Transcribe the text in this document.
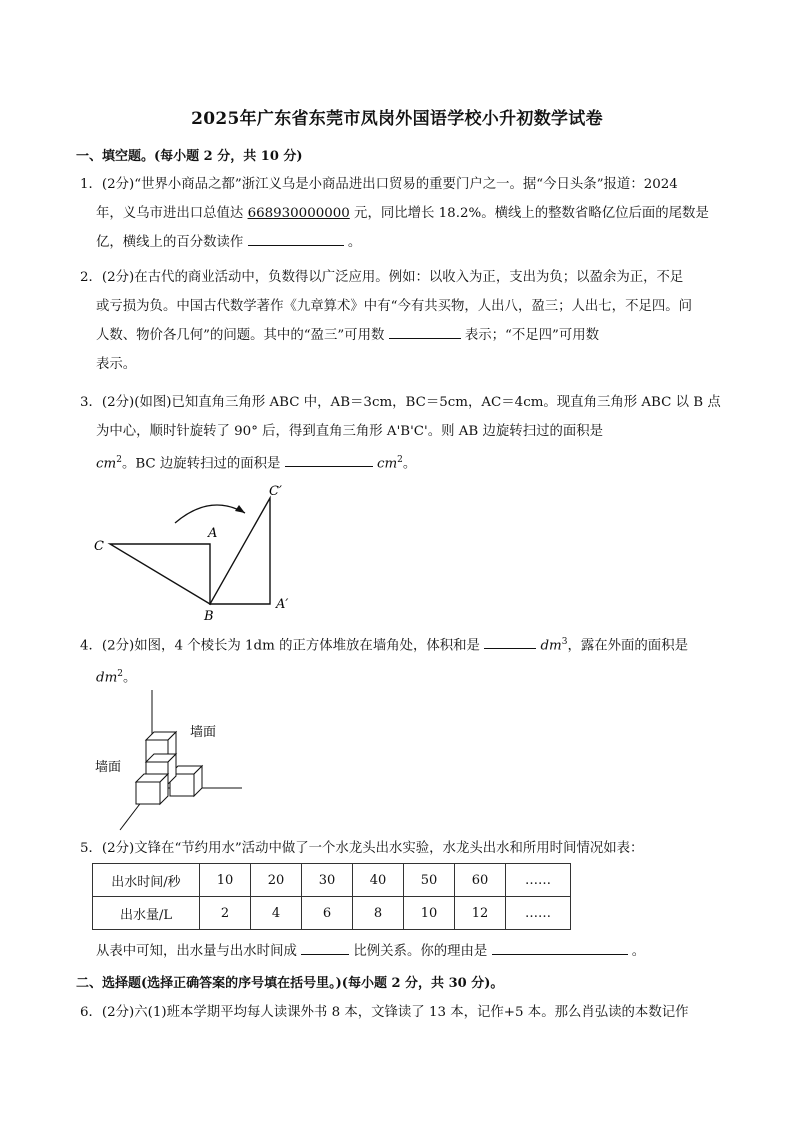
2025年广东省东莞市凤岗外国语学校小升初数学试卷
一、填空题。(每小题 2 分，共 10 分)
1．(2分)“世界小商品之都”浙江义乌是小商品进出口贸易的重要门户之一。据“今日头条”报道：2024
年，义乌市进出口总值达 668930000000 元，同比增长 18.2%。横线上的整数省略亿位后面的尾数是
亿，横线上的百分数读作	。
2．(2分)在古代的商业活动中，负数得以广泛应用。例如：以收入为正，支出为负；以盈余为正，不足
或亏损为负。中国古代数学著作《九章算术》中有“今有共买物，人出八，盈三；人出七，不足四。问
人数、物价各几何”的问题。其中的“盈三”可用数	表示；“不足四”可用数
表示。
3．(2分)(如图)已知直角三角形 ABC 中，AB＝3cm，BC＝5cm，AC＝4cm。现直角三角形 ABC 以 B 点
为中心，顺时针旋转了 90° 后，得到直角三角形 A'B'C'。则 AB 边旋转扫过的面积是
$cm^2$。BC 边旋转扫过的面积是	$cm^2$。
C
A
B
C′
A′
4．(2分)如图，4 个棱长为 1dm 的正方体堆放在墙角处，体积和是	$dm^3$，露在外面的面积是
$dm^2$。
墙面
墙面
5．(2分)文锋在“节约用水”活动中做了一个水龙头出水实验，水龙头出水和所用时间情况如表：
出水时间/秒	10	20	30	40	50	60	……
出水量/L	2	4	6	8	10	12	……
从表中可知，出水量与出水时间成	比例关系。你的理由是	。
二、选择题(选择正确答案的序号填在括号里。)(每小题 2 分，共 30 分)。
6．(2分)六(1)班本学期平均每人读课外书 8 本，文锋读了 13 本，记作+5 本。那么肖弘读的本数记作
